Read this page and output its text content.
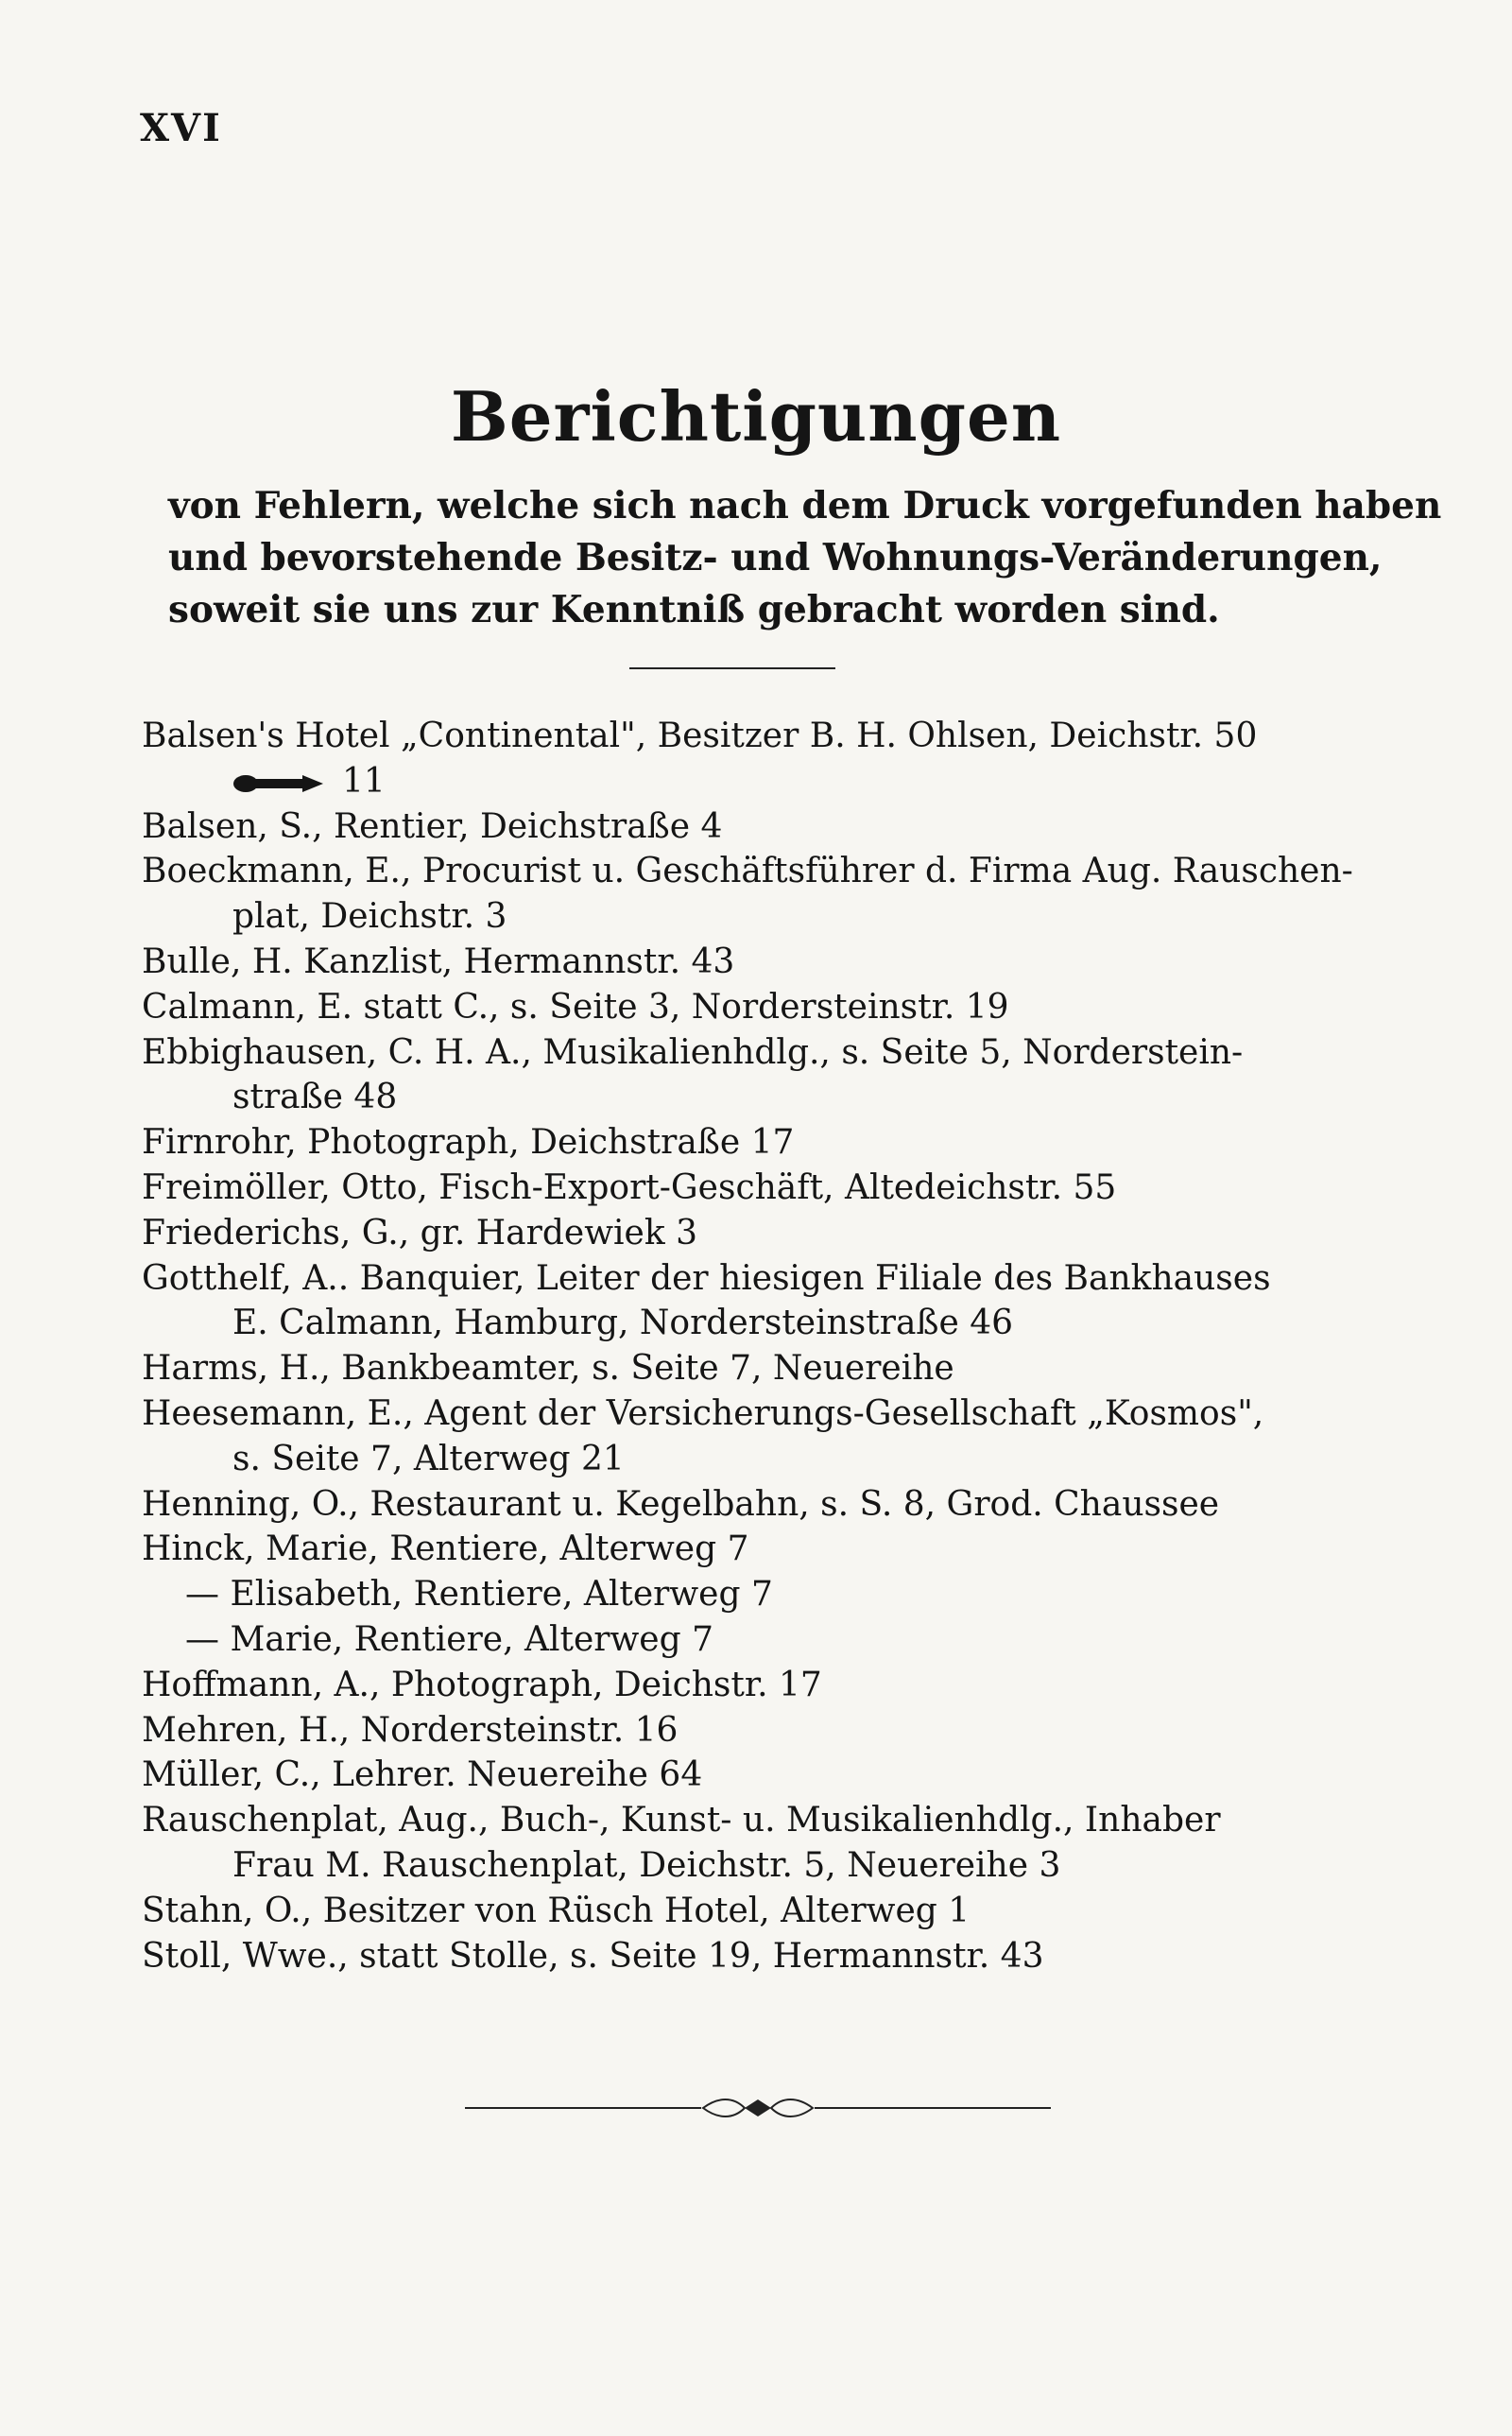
XVI
Berichtigungen
von Fehlern, welche sich nach dem Druck vorgefunden haben
und bevorstehende Besitz- und Wohnungs-Veränderungen,
soweit sie uns zur Kenntniß gebracht worden sind.
Balsen's Hotel „Continental", Besitzer B. H. Ohlsen, Deichstr. 50
11
Balsen, S., Rentier, Deichstraße 4
Boeckmann, E., Procurist u. Geschäftsführer d. Firma Aug. Rauschen-
plat, Deichstr. 3
Bulle, H. Kanzlist, Hermannstr. 43
Calmann, E. statt C., s. Seite 3, Nordersteinstr. 19
Ebbighausen, C. H. A., Musikalienhdlg., s. Seite 5, Norderstein-
straße 48
Firnrohr, Photograph, Deichstraße 17
Freimöller, Otto, Fisch-Export-Geschäft, Altedeichstr. 55
Friederichs, G., gr. Hardewiek 3
Gotthelf, A.. Banquier, Leiter der hiesigen Filiale des Bankhauses
E. Calmann, Hamburg, Nordersteinstraße 46
Harms, H., Bankbeamter, s. Seite 7, Neuereihe
Heesemann, E., Agent der Versicherungs-Gesellschaft „Kosmos",
s. Seite 7, Alterweg 21
Henning, O., Restaurant u. Kegelbahn, s. S. 8, Grod. Chaussee
Hinck, Marie, Rentiere, Alterweg 7
— Elisabeth, Rentiere, Alterweg 7
— Marie, Rentiere, Alterweg 7
Hoffmann, A., Photograph, Deichstr. 17
Mehren, H., Nordersteinstr. 16
Müller, C., Lehrer. Neuereihe 64
Rauschenplat, Aug., Buch-, Kunst- u. Musikalienhdlg., Inhaber
Frau M. Rauschenplat, Deichstr. 5, Neuereihe 3
Stahn, O., Besitzer von Rüsch Hotel, Alterweg 1
Stoll, Wwe., statt Stolle, s. Seite 19, Hermannstr. 43
